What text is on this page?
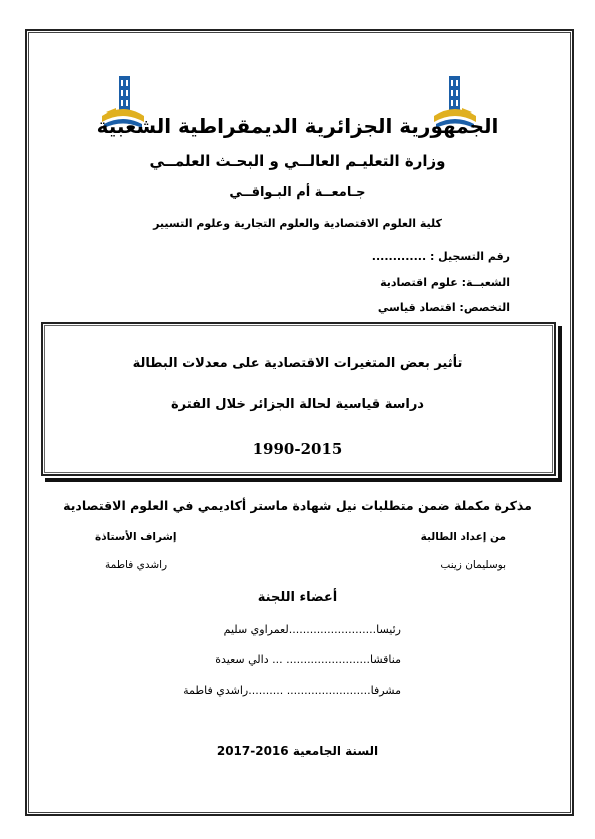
الجمهورية الجزائرية الديمقراطية الشعبية
وزارة التعليـم العالــي و البحـث العلمــي
جـامعــة أم البـواقــي
كلية العلوم الاقتصادية والعلوم التجارية وعلوم التسيير
رقم التسجيل : .............
الشعبــة: علوم اقتصادية
التخصص: اقتصاد قياسي
تأثير بعض المتغيرات الاقتصادية على معدلات البطالة
دراسة قياسية لحالة الجزائر خلال الفترة
1990-2015
مذكرة مكملة ضمن متطلبات نيل شهادة ماستر أكاديمي في العلوم الاقتصادية
من إعداد الطالبة
إشراف الأستاذة
بوسليمان زينب
راشدي فاطمة
أعضاء اللجنة
رئيسا.........................لعمراوي سليم
مناقشا........................ ... دالي سعيدة
مشرفا........................ ..........راشدي فاطمة
السنة الجامعية 2016-2017
